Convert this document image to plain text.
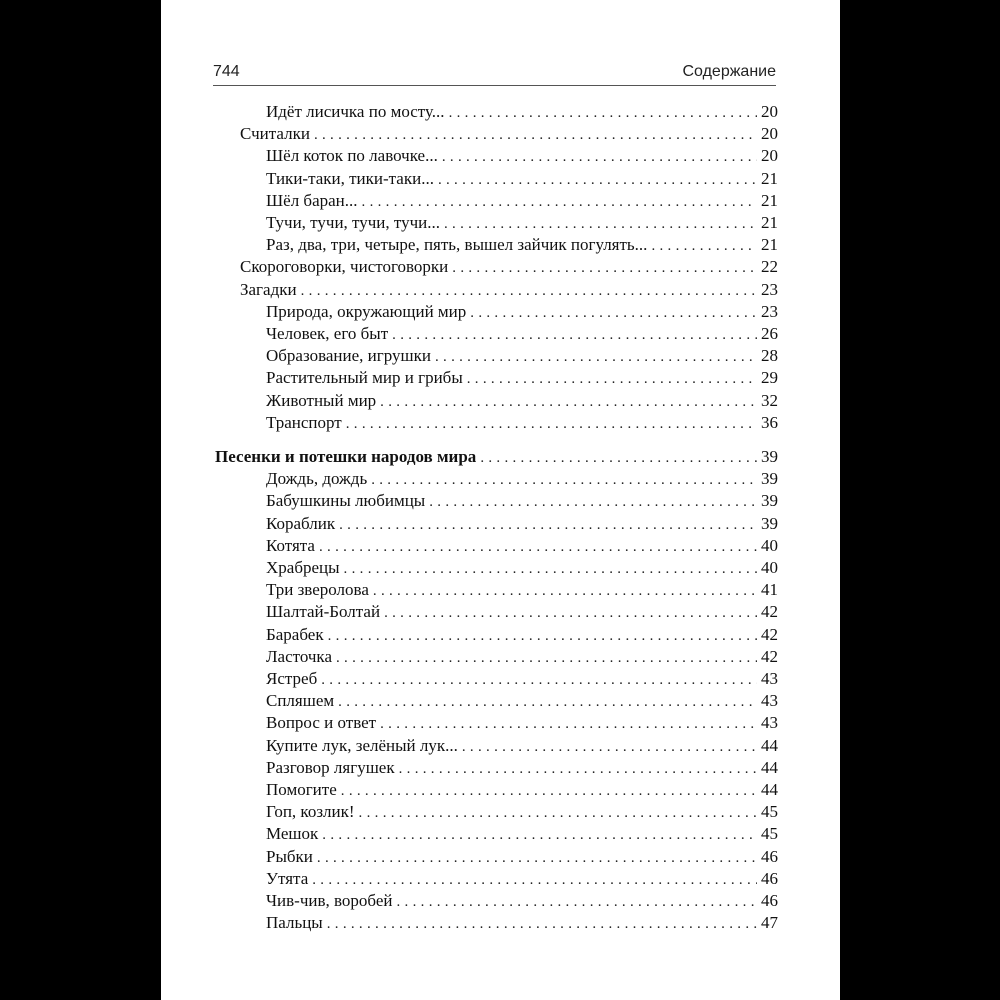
744	Содержание
Идёт лисичка по мосту... .....	20
Считалки .....	20
Шёл коток по лавочке... .....	20
Тики-таки, тики-таки... .....	21
Шёл баран... .....	21
Тучи, тучи, тучи, тучи... .....	21
Раз, два, три, четыре, пять, вышел зайчик погулять... .....	21
Скороговорки, чистоговорки .....	22
Загадки .....	23
Природа, окружающий мир .....	23
Человек, его быт .....	26
Образование, игрушки .....	28
Растительный мир и грибы .....	29
Животный мир .....	32
Транспорт .....	36
Песенки и потешки народов мира .....	39
Дождь, дождь .....	39
Бабушкины любимцы .....	39
Кораблик .....	39
Котята .....	40
Храбрецы .....	40
Три зверолова .....	41
Шалтай-Болтай .....	42
Барабек .....	42
Ласточка .....	42
Ястреб .....	43
Спляшем .....	43
Вопрос и ответ .....	43
Купите лук, зелёный лук... .....	44
Разговор лягушек .....	44
Помогите .....	44
Гоп, козлик! .....	45
Мешок .....	45
Рыбки .....	46
Утята .....	46
Чив-чив, воробей .....	46
Пальцы .....	47
